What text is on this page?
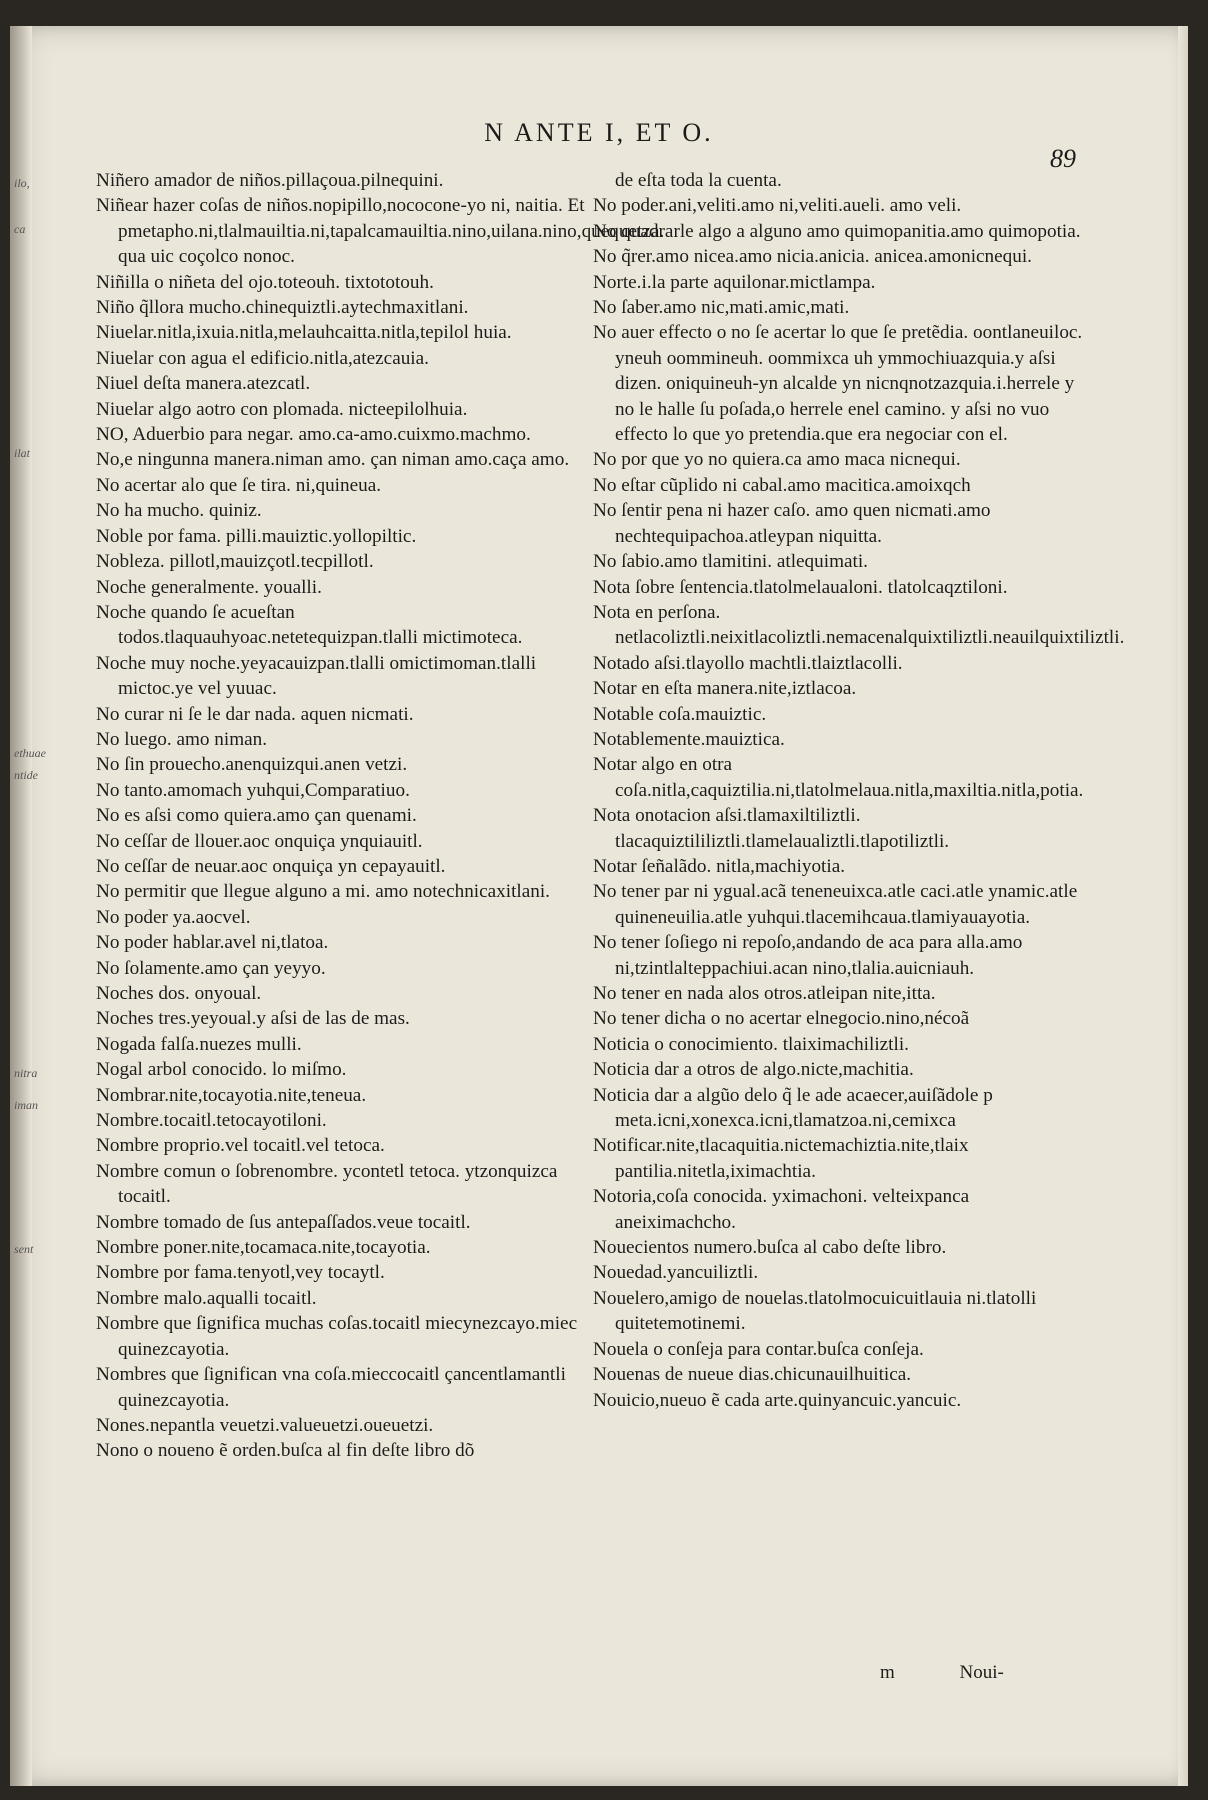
ilo,
ca
ilat
ethuae
ntide
nitra
iman
sent
N ANTE I, ET O.
89

Niñero amador de niños.pillaçoua.pilnequini.

Niñear hazer coſas de niños.nopipillo,nococone-yo ni, naitia. Et pmetapho.ni,tlalmauiltia.ni,tapalcamauiltia.nino,uilana.nino,quequetza. qua uic coçolco nonoc.

Niñilla o niñeta del ojo.toteouh. tixtototouh.

Niño q̃llora mucho.chinequiztli.aytechmaxitlani.

Niuelar.nitla,ixuia.nitla,melauhcaitta.nitla,tepilol huia.

Niuelar con agua el edificio.nitla,atezcauia.

Niuel deſta manera.atezcatl.

Niuelar algo aotro con plomada. nicteepilolhuia.

NO, Aduerbio para negar. amo.ca-amo.cuixmo.machmo.

No,e ningunna manera.niman amo. çan niman amo.caça amo.

No acertar alo que ſe tira. ni,quineua.

No ha mucho. quiniz.

Noble por fama. pilli.mauiztic.yollopiltic.

Nobleza. pillotl,mauizçotl.tecpillotl.

Noche generalmente. youalli.

Noche quando ſe acueſtan todos.tlaquauhyoac.netetequizpan.tlalli mictimoteca.

Noche muy noche.yeyacauizpan.tlalli omictimoman.tlalli mictoc.ye vel yuuac.

No curar ni ſe le dar nada. aquen nicmati.

No luego. amo niman.

No ſin prouecho.anenquizqui.anen vetzi.

No tanto.amomach yuhqui,Comparatiuo.

No es aſsi como quiera.amo çan quenami.

No ceſſar de llouer.aoc onquiça ynquiauitl.

No ceſſar de neuar.aoc onquiça yn cepayauitl.

No permitir que llegue alguno a mi. amo notechnicaxitlani.

No poder ya.aocvel.

No poder hablar.avel ni,tlatoa.

No ſolamente.amo çan yeyyo.

Noches dos. onyoual.

Noches tres.yeyoual.y aſsi de las de mas.

Nogada falſa.nuezes mulli.

Nogal arbol conocido. lo miſmo.

Nombrar.nite,tocayotia.nite,teneua.

Nombre.tocaitl.tetocayotiloni.

Nombre proprio.vel tocaitl.vel tetoca.

Nombre comun o ſobrenombre. ycontetl tetoca. ytzonquizca tocaitl.

Nombre tomado de ſus antepaſſados.veue tocaitl.

Nombre poner.nite,tocamaca.nite,tocayotia.

Nombre por fama.tenyotl,vey tocaytl.

Nombre malo.aqualli tocaitl.

Nombre que ſignifica muchas coſas.tocaitl miecynezcayo.miec quinezcayotia.

Nombres que ſignifican vna coſa.mieccocaitl çancentlamantli quinezcayotia.

Nones.nepantla veuetzi.valueuetzi.oueuetzi.

Nono o noueno ẽ orden.buſca al fin deſte libro dõ

de eſta toda la cuenta.

No poder.ani,veliti.amo ni,veliti.aueli. amo veli.

No quadrarle algo a alguno amo quimopanitia.amo quimopotia.

No q̃rer.amo nicea.amo nicia.anicia. anicea.amonicnequi.

Norte.i.la parte aquilonar.mictlampa.

No ſaber.amo nic,mati.amic,mati.

No auer effecto o no ſe acertar lo que ſe pretẽdia. oontlaneuiloc. yneuh oommineuh. oommixca uh ymmochiuazquia.y aſsi dizen. oniquineuh-yn alcalde yn nicnqnotzazquia.i.herrele y no le halle ſu poſada,o herrele enel camino. y aſsi no vuo effecto lo que yo pretendia.que era negociar con el.

No por que yo no quiera.ca amo maca nicnequi.

No eſtar cũplido ni cabal.amo macitica.amoixqch

No ſentir pena ni hazer caſo. amo quen nicmati.amo nechtequipachoa.atleypan niquitta.

No ſabio.amo tlamitini. atlequimati.

Nota ſobre ſentencia.tlatolmelaualoni. tlatolcaqztiloni.

Nota en perſona. netlacoliztli.neixitlacoliztli.nemacenalquixtiliztli.neauilquixtiliztli.

Notado aſsi.tlayollo machtli.tlaiztlacolli.

Notar en eſta manera.nite,iztlacoa.

Notable coſa.mauiztic.

Notablemente.mauiztica.

Notar algo en otra coſa.nitla,caquiztilia.ni,tlatolmelaua.nitla,maxiltia.nitla,potia.

Nota onotacion aſsi.tlamaxiltiliztli. tlacaquiztililiztli.tlamelaualiztli.tlapotiliztli.

Notar ſeñalãdo. nitla,machiyotia.

No tener par ni ygual.acã teneneuixca.atle caci.atle ynamic.atle quineneuilia.atle yuhqui.tlacemihcaua.tlamiyauayotia.

No tener ſoſiego ni repoſo,andando de aca para alla.amo ni,tzintlalteppachiui.acan nino,tlalia.auicniauh.

No tener en nada alos otros.atleipan nite,itta.

No tener dicha o no acertar elnegocio.nino,nécoã

Noticia o conocimiento. tlaiximachiliztli.

Noticia dar a otros de algo.nicte,machitia.

Noticia dar a algũo delo q̃ le ade acaecer,auiſãdole p meta.icni,xonexca.icni,tlamatzoa.ni,cemixca

Notificar.nite,tlacaquitia.nictemachiztia.nite,tlaix pantilia.nitetla,iximachtia.

Notoria,coſa conocida. yximachoni. velteixpanca aneiximachcho.

Nouecientos numero.buſca al cabo deſte libro.

Nouedad.yancuiliztli.

Nouelero,amigo de nouelas.tlatolmocuicuitlauia ni.tlatolli quitetemotinemi.

Nouela o conſeja para contar.buſca conſeja.

Nouenas de nueue dias.chicunauilhuitica.

Nouicio,nueuo ẽ cada arte.quinyancuic.yancuic.

m	Noui-
